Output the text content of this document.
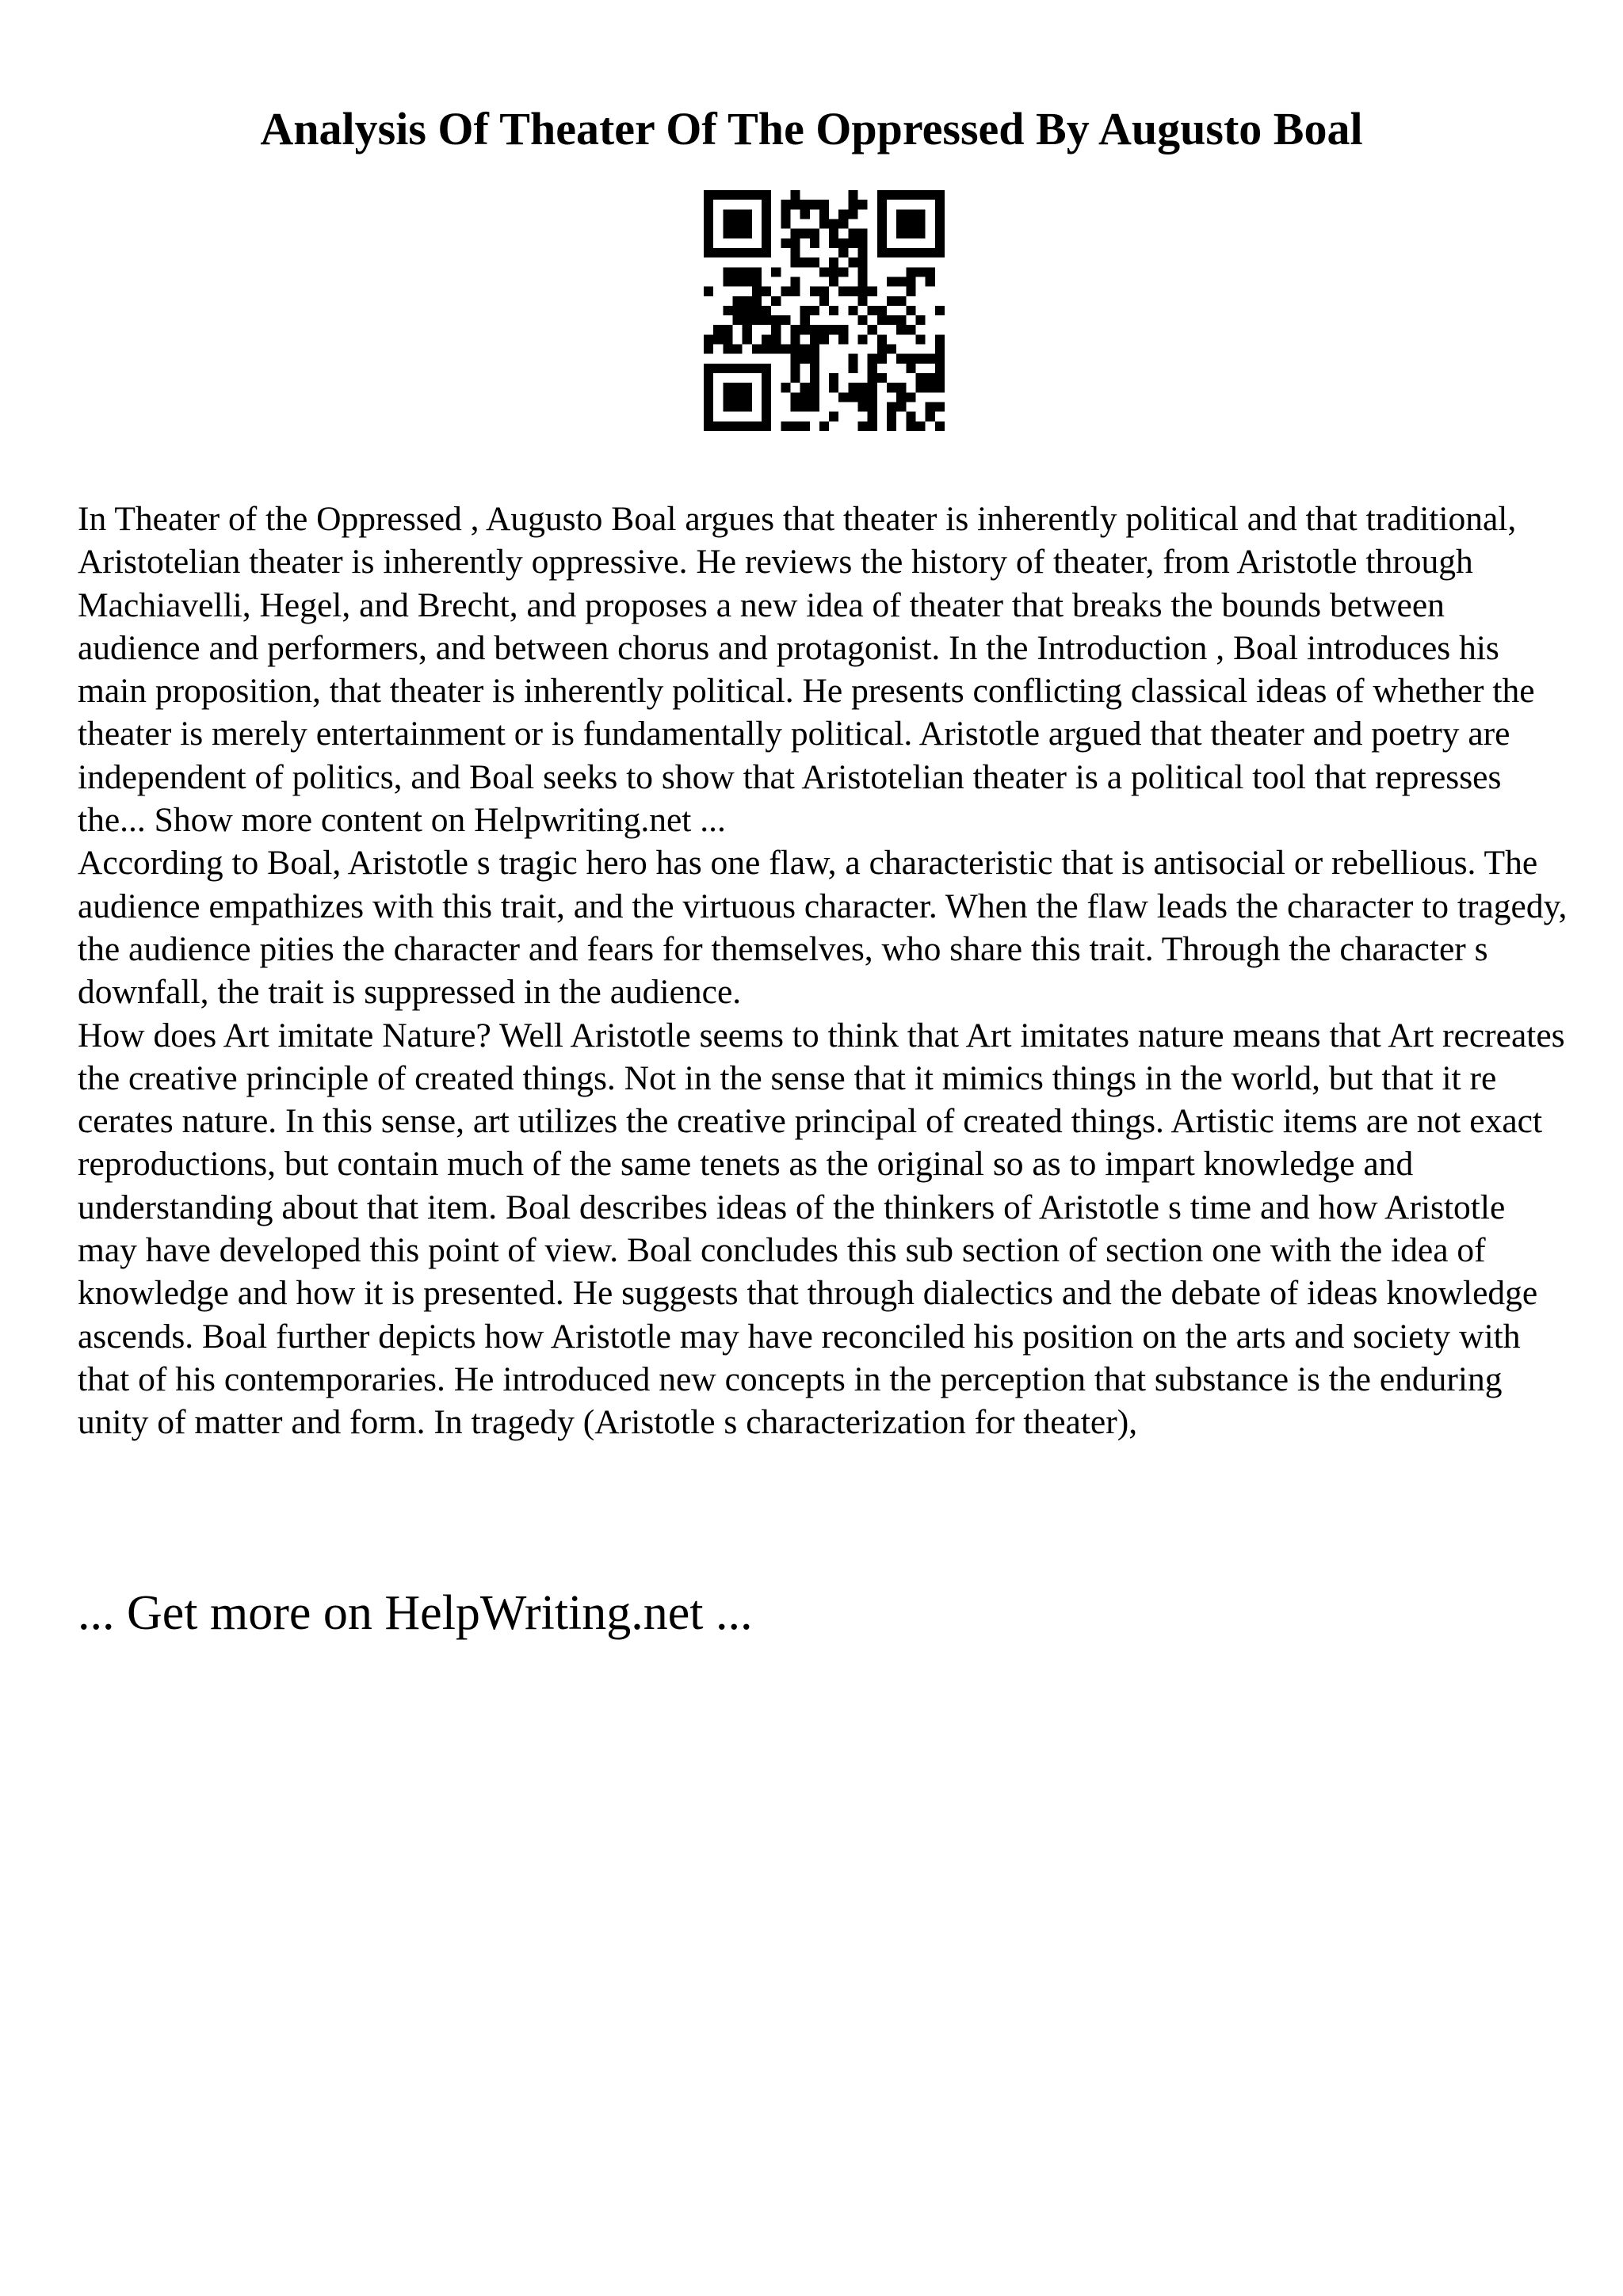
Analysis Of Theater Of The Oppressed By Augusto Boal

In Theater of the Oppressed , Augusto Boal argues that theater is inherently political and that traditional, Aristotelian theater is inherently oppressive. He reviews the history of theater, from Aristotle through Machiavelli, Hegel, and Brecht, and proposes a new idea of theater that breaks the bounds between audience and performers, and between chorus and protagonist. In the Introduction , Boal introduces his main proposition, that theater is inherently political. He presents conflicting classical ideas of whether the theater is merely entertainment or is fundamentally political. Aristotle argued that theater and poetry are independent of politics, and Boal seeks to show that Aristotelian theater is a political tool that represses the... Show more content on Helpwriting.net ...

According to Boal, Aristotle s tragic hero has one flaw, a characteristic that is antisocial or rebellious. The audience empathizes with this trait, and the virtuous character. When the flaw leads the character to tragedy, the audience pities the character and fears for themselves, who share this trait. Through the character s downfall, the trait is suppressed in the audience.

How does Art imitate Nature? Well Aristotle seems to think that Art imitates nature means that Art recreates the creative principle of created things. Not in the sense that it mimics things in the world, but that it re cerates nature. In this sense, art utilizes the creative principal of created things. Artistic items are not exact reproductions, but contain much of the same tenets as the original so as to impart knowledge and understanding about that item. Boal describes ideas of the thinkers of Aristotle s time and how Aristotle may have developed this point of view. Boal concludes this sub section of section one with the idea of knowledge and how it is presented. He suggests that through dialectics and the debate of ideas knowledge ascends. Boal further depicts how Aristotle may have reconciled his position on the arts and society with that of his contemporaries. He introduced new concepts in the perception that substance is the enduring unity of matter and form. In tragedy (Aristotle s characterization for theater),

... Get more on HelpWriting.net ...
